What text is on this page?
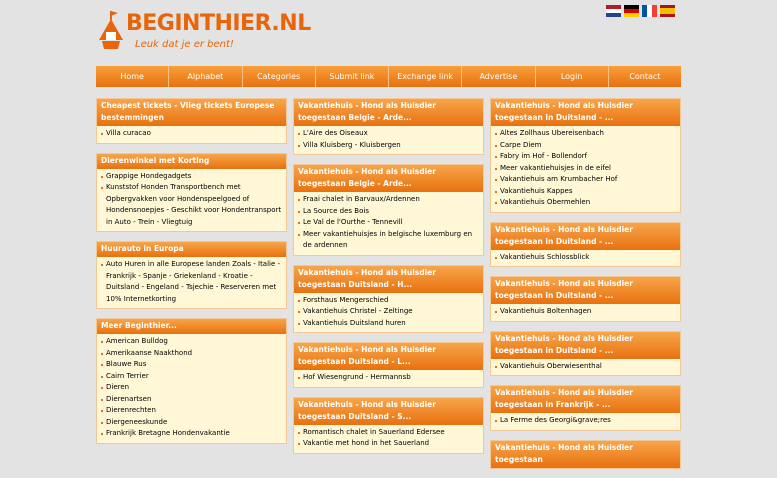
BEGINTHIER.NL
Leuk dat je er bent!
Home	Alphabet	Categories	Submit link	Exchange link	Advertise	Login	Contact
Cheapest tickets - Vlieg tickets Europese bestemmingen
Villa curacao
Dierenwinkel met Korting
Grappige Hondegadgets
Kunststof Honden Transportbench met Opbergvakken voor Hondenspeelgoed of Hondensnoepjes - Geschikt voor Hondentransport in Auto - Trein - Vliegtuig
Huurauto in Europa
Auto Huren in alle Europese landen Zoals - Italie - Frankrijk - Spanje - Griekenland - Kroatie - Duitsland - Engeland - Tsjechie - Reserveren met 10% Internetkorting
Meer Beginthier...
American Bulldog
Amerikaanse Naakthond
Blauwe Rus
Cairn Terrier
Dieren
Dierenartsen
Dierenrechten
Diergeneeskunde
Frankrijk Bretagne Hondenvakantie
Vakantiehuis - Hond als Huisdier toegestaan Belgie - Arde...
L'Aire des Oiseaux
Villa Kluisberg - Kluisbergen
Vakantiehuis - Hond als Huisdier toegestaan Belgie - Arde...
Fraai chalet in Barvaux/Ardennen
La Source des Bois
Le Val de l'Ourthe - Tennevill
Meer vakantiehuisjes in belgische luxemburg en de ardennen
Vakantiehuis - Hond als Huisdier toegestaan Duitsland - H...
Forsthaus Mengerschied
Vakantiehuis Christel - Zeltinge
Vakantiehuis Duitsland huren
Vakantiehuis - Hond als Huisdier toegestaan Duitsland - L...
Hof Wiesengrund - Hermannsb
Vakantiehuis - Hond als Huisdier toegestaan Duitsland - S...
Romantisch chalet in Sauerland Edersee
Vakantie met hond in het Sauerland
Vakantiehuis - Hond als Huisdier toegestaan in Duitsland - ...
Altes Zollhaus Ubereisenbach
Carpe Diem
Fabry im Hof - Bollendorf
Meer vakantiehuisjes in de eifel
Vakantiehuis am Krumbacher Hof
Vakantiehuis Kappes
Vakantiehuis Obermehlen
Vakantiehuis - Hond als Huisdier toegestaan in Duitsland - ...
Vakantiehuis Schlossblick
Vakantiehuis - Hond als Huisdier toegestaan in Duitsland - ...
Vakantiehuis Boltenhagen
Vakantiehuis - Hond als Huisdier toegestaan in Duitsland - ...
Vakantiehuis Oberwiesenthal
Vakantiehuis - Hond als Huisdier toegestaan in Frankrijk - ...
La Ferme des Georgi&grave;res
Vakantiehuis - Hond als Huisdier toegestaan
